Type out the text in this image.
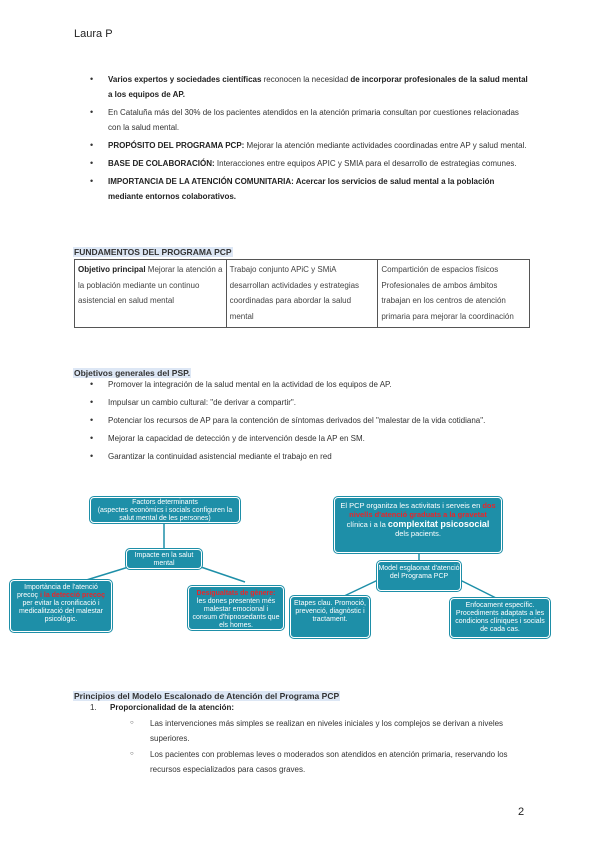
Laura P
• Varios expertos y sociedades científicas reconocen la necesidad de incorporar profesionales de la salud mental a los equipos de AP.
• En Cataluña más del 30% de los pacientes atendidos en la atención primaria consultan por cuestiones relacionadas con la salud mental.
• PROPÓSITO DEL PROGRAMA PCP: Mejorar la atención mediante actividades coordinadas entre AP y salud mental.
• BASE DE COLABORACIÓN: Interacciones entre equipos APIC y SMIA para el desarrollo de estrategias comunes.
• IMPORTANCIA DE LA ATENCIÓN COMUNITARIA: Acercar los servicios de salud mental a la población mediante entornos colaborativos.
FUNDAMENTOS DEL PROGRAMA PCP
Objetivo principal Mejorar la atención a la población mediante un continuo asistencial en salud mental	Trabajo conjunto APiC y SMiA desarrollan actividades y estrategias coordinadas para abordar la salud mental	Compartición de espacios físicos Profesionales de ambos ámbitos trabajan en los centros de atención primaria para mejorar la coordinación
Objetivos generales del PSP.
• Promover la integración de la salud mental en la actividad de los equipos de AP.
• Impulsar un cambio cultural: "de derivar a compartir".
• Potenciar los recursos de AP para la contención de síntomas derivados del "malestar de la vida cotidiana".
• Mejorar la capacidad de detección y de intervención desde la AP en SM.
• Garantizar la continuidad asistencial mediante el trabajo en red
Factors determinants
(aspectes econòmics i socials configuren la salut mental de les persones)
Impacte en la salut mental
Importància de l'atenció precoç i la detecció precoç per evitar la cronificació i medicalització del malestar psicològic.
Desigualtats de gènere: les dones presenten més malestar emocional i consum d'hipnosedants que els homes.
El PCP organitza les activitats i serveis en dos nivells d'atenció graduats a la gravetat clínica i a la complexitat psicosocial dels pacients.
Model esglaonat d'atenció del Programa PCP
Etapes clau. Promoció, prevenció, diagnòstic i tractament.
Enfocament específic. Procediments adaptats a les condicions clíniques i socials de cada cas.
Principios del Modelo Escalonado de Atención del Programa PCP
1. Proporcionalidad de la atención:
○ Las intervenciones más simples se realizan en niveles iniciales y los complejos se derivan a niveles superiores.
○ Los pacientes con problemas leves o moderados son atendidos en atención primaria, reservando los recursos especializados para casos graves.
2
